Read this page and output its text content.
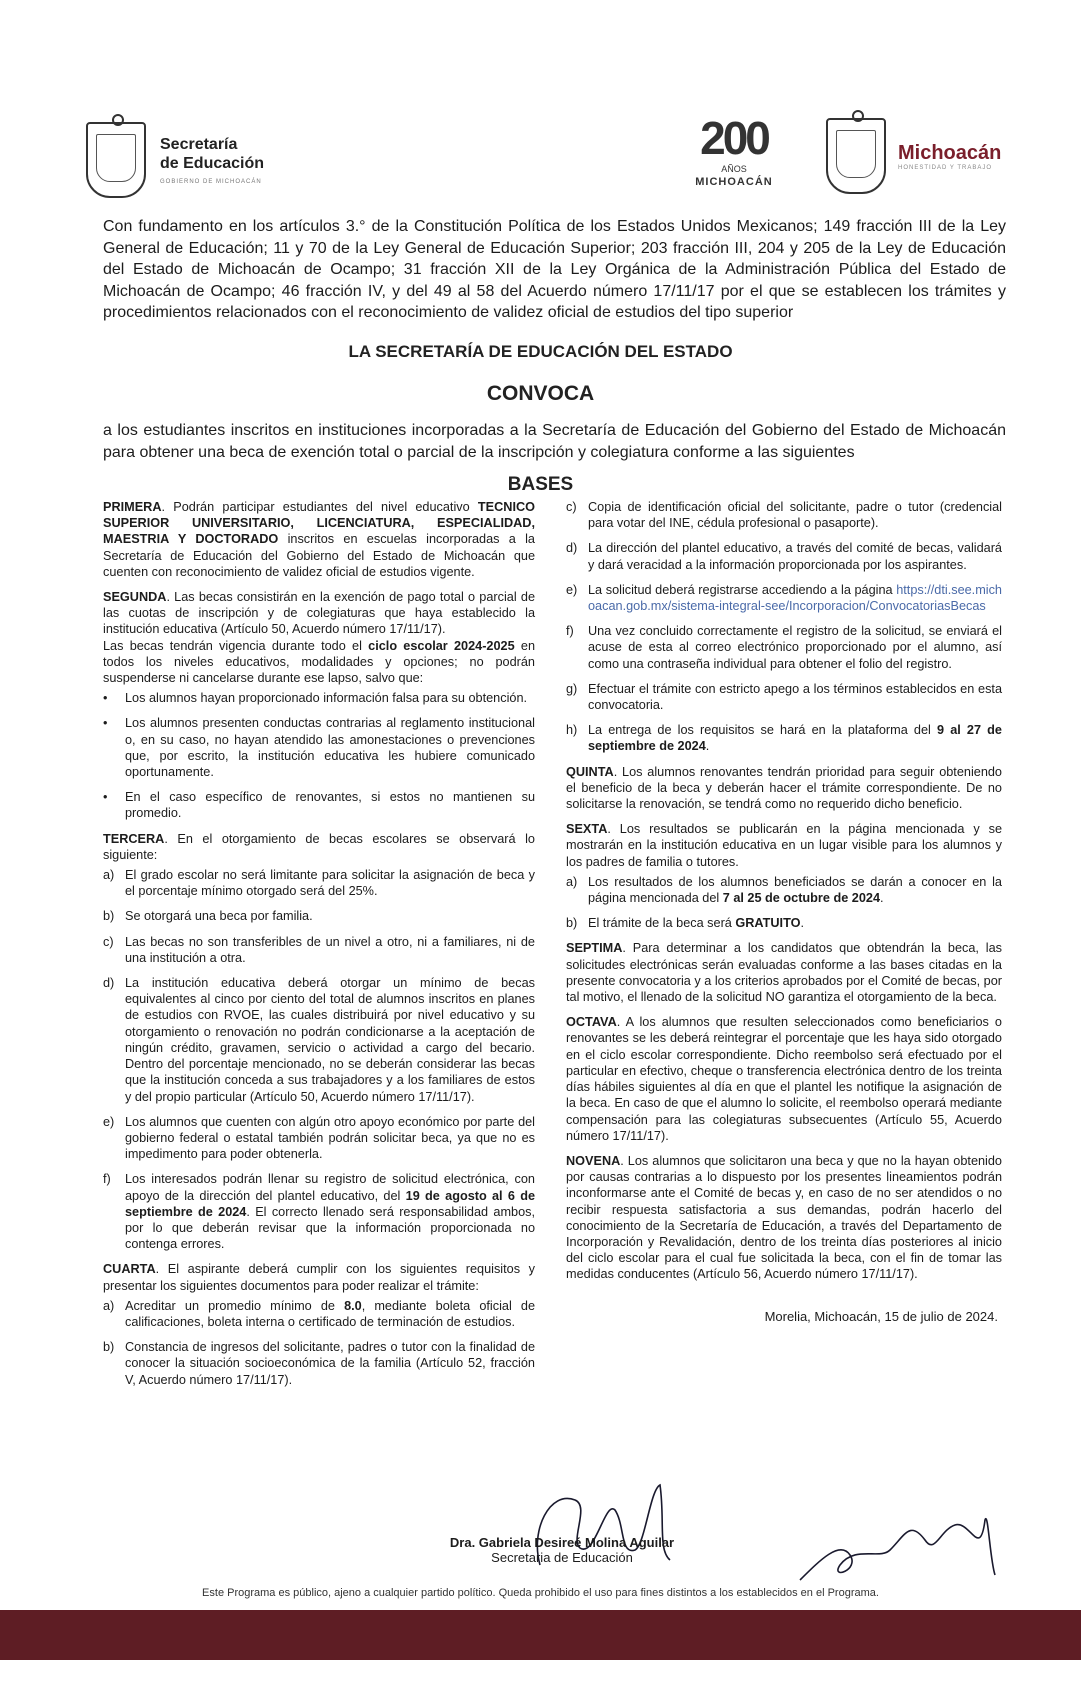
Secretaría
de Educación
GOBIERNO DE MICHOACÁN
200
AÑOS
MICHOACÁN
Michoacán
HONESTIDAD Y TRABAJO
Con fundamento en los artículos 3.° de la Constitución Política de los Estados Unidos Mexicanos; 149 fracción III de la Ley General de Educación; 11 y 70 de la Ley General de Educación Superior; 203 fracción III, 204 y 205 de la Ley de Educación del Estado de Michoacán de Ocampo; 31 fracción XII de la Ley Orgánica de la Administración Pública del Estado de Michoacán de Ocampo; 46 fracción IV, y del 49 al 58 del Acuerdo número 17/11/17 por el que se establecen los trámites y procedimientos relacionados con el reconocimiento de validez oficial de estudios del tipo superior
LA SECRETARÍA DE EDUCACIÓN DEL ESTADO
CONVOCA
a los estudiantes inscritos en instituciones incorporadas a la Secretaría de Educación del Gobierno del Estado de Michoacán para obtener una beca de exención total o parcial de la inscripción y colegiatura conforme a las siguientes
BASES
PRIMERA. Podrán participar estudiantes del nivel educativo TECNICO SUPERIOR UNIVERSITARIO, LICENCIATURA, ESPECIALIDAD, MAESTRIA Y DOCTORADO inscritos en escuelas incorporadas a la Secretaría de Educación del Gobierno del Estado de Michoacán que cuenten con reconocimiento de validez oficial de estudios vigente.
SEGUNDA. Las becas consistirán en la exención de pago total o parcial de las cuotas de inscripción y de colegiaturas que haya establecido la institución educativa (Artículo 50, Acuerdo número 17/11/17).
Las becas tendrán vigencia durante todo el ciclo escolar 2024-2025 en todos los niveles educativos, modalidades y opciones; no podrán suspenderse ni cancelarse durante ese lapso, salvo que:
•	Los alumnos hayan proporcionado información falsa para su obtención.
•	Los alumnos presenten conductas contrarias al reglamento institucional o, en su caso, no hayan atendido las amonestaciones o prevenciones que, por escrito, la institución educativa les hubiere comunicado oportunamente.
•	En el caso específico de renovantes, si estos no mantienen su promedio.
TERCERA. En el otorgamiento de becas escolares se observará lo siguiente:
a) El grado escolar no será limitante para solicitar la asignación de beca y el porcentaje mínimo otorgado será del 25%.
b) Se otorgará una beca por familia.
c) Las becas no son transferibles de un nivel a otro, ni a familiares, ni de una institución a otra.
d) La institución educativa deberá otorgar un mínimo de becas equivalentes al cinco por ciento del total de alumnos inscritos en planes de estudios con RVOE, las cuales distribuirá por nivel educativo y su otorgamiento o renovación no podrán condicionarse a la aceptación de ningún crédito, gravamen, servicio o actividad a cargo del becario. Dentro del porcentaje mencionado, no se deberán considerar las becas que la institución conceda a sus trabajadores y a los familiares de estos y del propio particular (Artículo 50, Acuerdo número 17/11/17).
e) Los alumnos que cuenten con algún otro apoyo económico por parte del gobierno federal o estatal también podrán solicitar beca, ya que no es impedimento para poder obtenerla.
f)	Los interesados podrán llenar su registro de solicitud electrónica, con apoyo de la dirección del plantel educativo, del 19 de agosto al 6 de septiembre de 2024. El correcto llenado será responsabilidad ambos, por lo que deberán revisar que la información proporcionada no contenga errores.
CUARTA. El aspirante deberá cumplir con los siguientes requisitos y presentar los siguientes documentos para poder realizar el trámite:
a) Acreditar un promedio mínimo de 8.0, mediante boleta oficial de calificaciones, boleta interna o certificado de terminación de estudios.
b) Constancia de ingresos del solicitante, padres o tutor con la finalidad de conocer la situación socioeconómica de la familia (Artículo 52, fracción V, Acuerdo número 17/11/17).
c) Copia de identificación oficial del solicitante, padre o tutor (credencial para votar del INE, cédula profesional o pasaporte).
d) La dirección del plantel educativo, a través del comité de becas, validará y dará veracidad a la información proporcionada por los aspirantes.
e) La solicitud deberá registrarse accediendo a la página https://dti.see.michoacan.gob.mx/sistema-integral-see/Incorporacion/ConvocatoriasBecas
f)	Una vez concluido correctamente el registro de la solicitud, se enviará el acuse de esta al correo electrónico proporcionado por el alumno, así como una contraseña individual para obtener el folio del registro.
g) Efectuar el trámite con estricto apego a los términos establecidos en esta convocatoria.
h) La entrega de los requisitos se hará en la plataforma del 9 al 27 de septiembre de 2024.
QUINTA. Los alumnos renovantes tendrán prioridad para seguir obteniendo el beneficio de la beca y deberán hacer el trámite correspondiente. De no solicitarse la renovación, se tendrá como no requerido dicho beneficio.
SEXTA. Los resultados se publicarán en la página mencionada y se mostrarán en la institución educativa en un lugar visible para los alumnos y los padres de familia o tutores.
a) Los resultados de los alumnos beneficiados se darán a conocer en la página mencionada del 7 al 25 de octubre de 2024.
b) El trámite de la beca será GRATUITO.
SEPTIMA. Para determinar a los candidatos que obtendrán la beca, las solicitudes electrónicas serán evaluadas conforme a las bases citadas en la presente convocatoria y a los criterios aprobados por el Comité de becas, por tal motivo, el llenado de la solicitud NO garantiza el otorgamiento de la beca.
OCTAVA. A los alumnos que resulten seleccionados como beneficiarios o renovantes se les deberá reintegrar el porcentaje que les haya sido otorgado en el ciclo escolar correspondiente. Dicho reembolso será efectuado por el particular en efectivo, cheque o transferencia electrónica dentro de los treinta días hábiles siguientes al día en que el plantel les notifique la asignación de la beca. En caso de que el alumno lo solicite, el reembolso operará mediante compensación para las colegiaturas subsecuentes (Artículo 55, Acuerdo número 17/11/17).
NOVENA. Los alumnos que solicitaron una beca y que no la hayan obtenido por causas contrarias a lo dispuesto por los presentes lineamientos podrán inconformarse ante el Comité de becas y, en caso de no ser atendidos o no recibir respuesta satisfactoria a sus demandas, podrán hacerlo del conocimiento de la Secretaría de Educación, a través del Departamento de Incorporación y Revalidación, dentro de los treinta días posteriores al inicio del ciclo escolar para el cual fue solicitada la beca, con el fin de tomar las medidas conducentes (Artículo 56, Acuerdo número 17/11/17).
Morelia, Michoacán, 15 de julio de 2024.
Dra. Gabriela Desireé Molina Aguilar
Secretaria de Educación
Este Programa es público, ajeno a cualquier partido político. Queda prohibido el uso para fines distintos a los establecidos en el Programa.
